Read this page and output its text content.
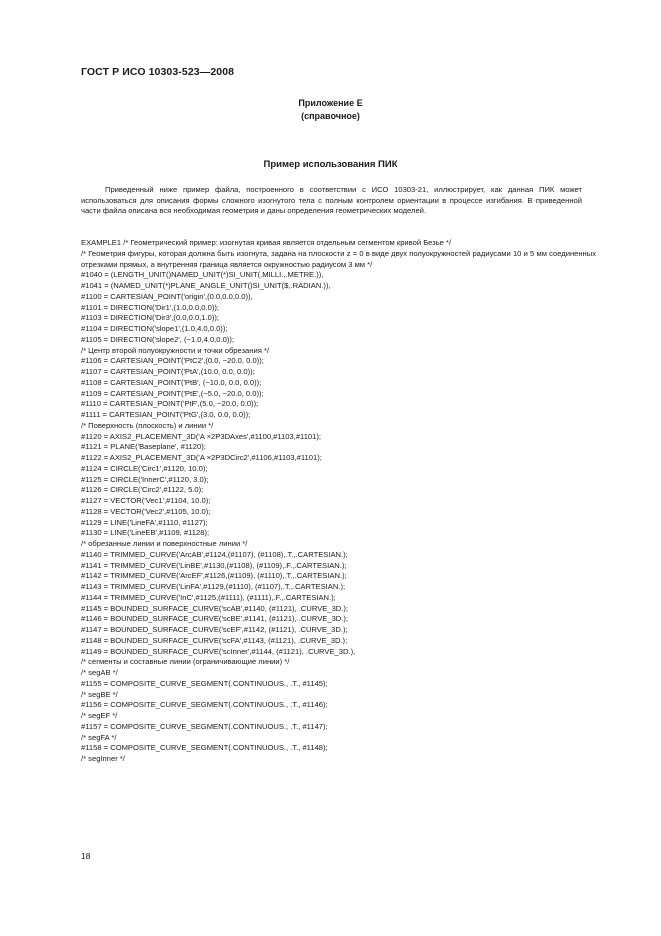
ГОСТ Р ИСО 10303-523—2008
Приложение Е
(справочное)
Пример использования ПИК

Приведенный ниже пример файла, построенного в соответствии с ИСО 10303-21, иллюстрирует, как данная ПИК может использоваться для описания формы сложного изогнутого тела с полным контролем ориентации в процессе изгибания. В приведенной части файла описана вся необходимая геометрия и даны определения геометрических моделей.

EXAMPLE1 /* Геометрический пример: изогнутая кривая является отдельным сегментом кривой Безье */
/* Геометрия фигуры, которая должна быть изогнута, задана на плоскости z = 0 в виде двух полуокружностей радиусами 10 и 5 мм соединенных отрезками прямых, а внутренняя граница является окружностью радиусом 3 мм */
#1040 = (LENGTH_UNIT()NAMED_UNIT(*)SI_UNIT(.MILLI.,.METRE.)),
#1041 = (NAMED_UNIT(*)PLANE_ANGLE_UNIT()SI_UNIT($,.RADIAN.)),
#1100 = CARTESIAN_POINT('origin',(0.0,0.0,0.0)),
#1101 = DIRECTION('Dir1',(1.0,0.0,0.0));
#1103 = DIRECTION('Dir3',(0.0,0.0,1.0));
#1104 = DIRECTION('slope1',(1.0,4.0,0.0));
#1105 = DIRECTION('slope2', (−1.0,4.0,0.0));
/* Центр второй полуокружности и точки обрезания */
#1106 = CARTESIAN_POINT('PtC2',(0.0, −20.0, 0.0));
#1107 = CARTESIAN_POINT('PtA',(10.0, 0.0, 0.0));
#1108 = CARTESIAN_POINT('PtB', (−10.0, 0.0, 0.0));
#1109 = CARTESIAN_POINT('PtE',(−5.0, −20.0, 0.0));
#1110 = CARTESIAN_POINT('PtF',(5.0, −20.0, 0.0));
#1111 = CARTESIAN_POINT('PtG',(3.0, 0.0, 0.0));
/* Поверхность (плоскость) и линии */
#1120 = AXIS2_PLACEMENT_3D('A ×2P3DAxes',#1100,#1103,#1101);
#1121 = PLANE('Baseplane', #1120);
#1122 = AXIS2_PLACEMENT_3D('A ×2P3DCirc2',#1106,#1103,#1101);
#1124 = CIRCLE('Circ1',#1120, 10.0);
#1125 = CIRCLE('InnerC',#1120, 3.0);
#1126 = CIRCLE('Circ2',#1122, 5.0);
#1127 = VECTOR('Vec1',#1104, 10.0);
#1128 = VECTOR('Vec2',#1105, 10.0);
#1129 = LINE('LineFA',#1110, #1127);
#1130 = LINE('LineEB',#1109, #1128);
/* обрезанные линии и поверхностные линии */
#1140 = TRIMMED_CURVE('ArcAB',#1124,(#1107), (#1108),.T.,.CARTESIAN.);
#1141 = TRIMMED_CURVE('LinBE',#1130,(#1108), (#1109),.F.,.CARTESIAN.);
#1142 = TRIMMED_CURVE('ArcEF',#1126,(#1109), (#1110),.T.,.CARTESIAN.);
#1143 = TRIMMED_CURVE('LinFA',#1129,(#1110), (#1107),.T.,.CARTESIAN.);
#1144 = TRIMMED_CURVE('InC',#1125,(#1111), (#1111),.F.,.CARTESIAN.);
#1145 = BOUNDED_SURFACE_CURVE('scAB',#1140, (#1121), .CURVE_3D.);
#1146 = BOUNDED_SURFACE_CURVE('scBE',#1141, (#1121), .CURVE_3D.);
#1147 = BOUNDED_SURFACE_CURVE('scEF',#1142, (#1121), .CURVE_3D.);
#1148 = BOUNDED_SURFACE_CURVE('scFA',#1143, (#1121), .CURVE_3D.);
#1149 = BOUNDED_SURFACE_CURVE('scInner',#1144, (#1121), .CURVE_3D.),
/* сегменты и составные линии (ограничивающие линии) */
/* segAB */
#1155 = COMPOSITE_CURVE_SEGMENT(.CONTINUOUS., .T., #1145);
/* segBE */
#1156 = COMPOSITE_CURVE_SEGMENT(.CONTINUOUS., .T., #1146);
/* segEF */
#1157 = COMPOSITE_CURVE_SEGMENT(.CONTINUOUS., .T., #1147);
/* segFA */
#1158 = COMPOSITE_CURVE_SEGMENT(.CONTINUOUS., .T., #1148);
/* segInner */
18
